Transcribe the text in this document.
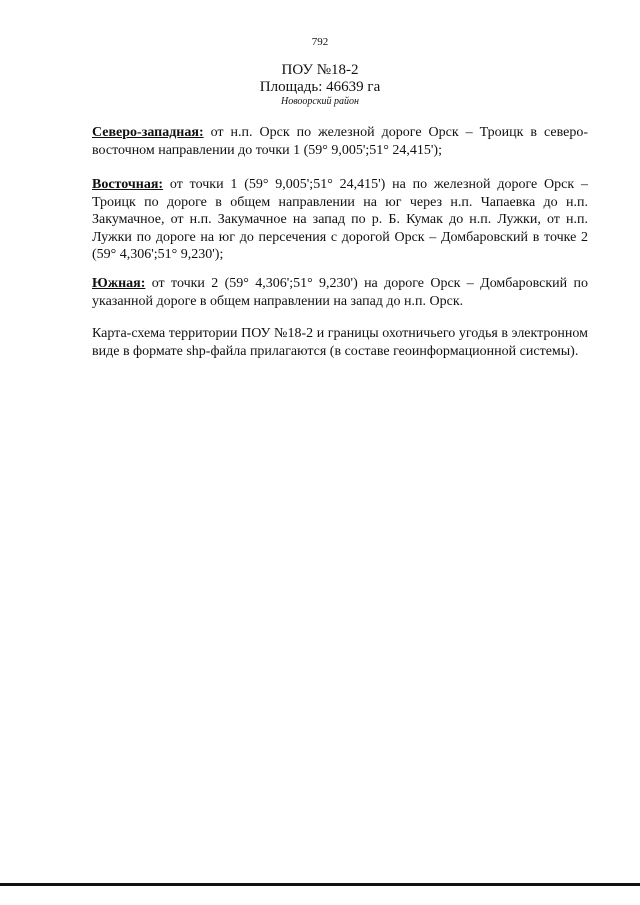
792
ПОУ №18-2
Площадь: 46639 га
Новоорский район
Северо-западная: от н.п. Орск по железной дороге Орск – Троицк в северо-восточном направлении до точки 1 (59° 9,005';51° 24,415');
Восточная: от точки 1 (59° 9,005';51° 24,415') на по железной дороге Орск – Троицк по дороге в общем направлении на юг через н.п. Чапаевка до н.п. Закумачное, от н.п. Закумачное на запад по р. Б. Кумак до н.п. Лужки, от н.п. Лужки по дороге на юг до персечения с дорогой Орск – Домбаровский в точке 2 (59° 4,306';51° 9,230');
Южная: от точки 2 (59° 4,306';51° 9,230') на дороге Орск – Домбаровский по указанной дороге в общем направлении на запад до н.п. Орск.
Карта-схема территории ПОУ №18-2 и границы охотничьего угодья в электронном виде в формате shp-файла прилагаются (в составе геоинформационной системы).
